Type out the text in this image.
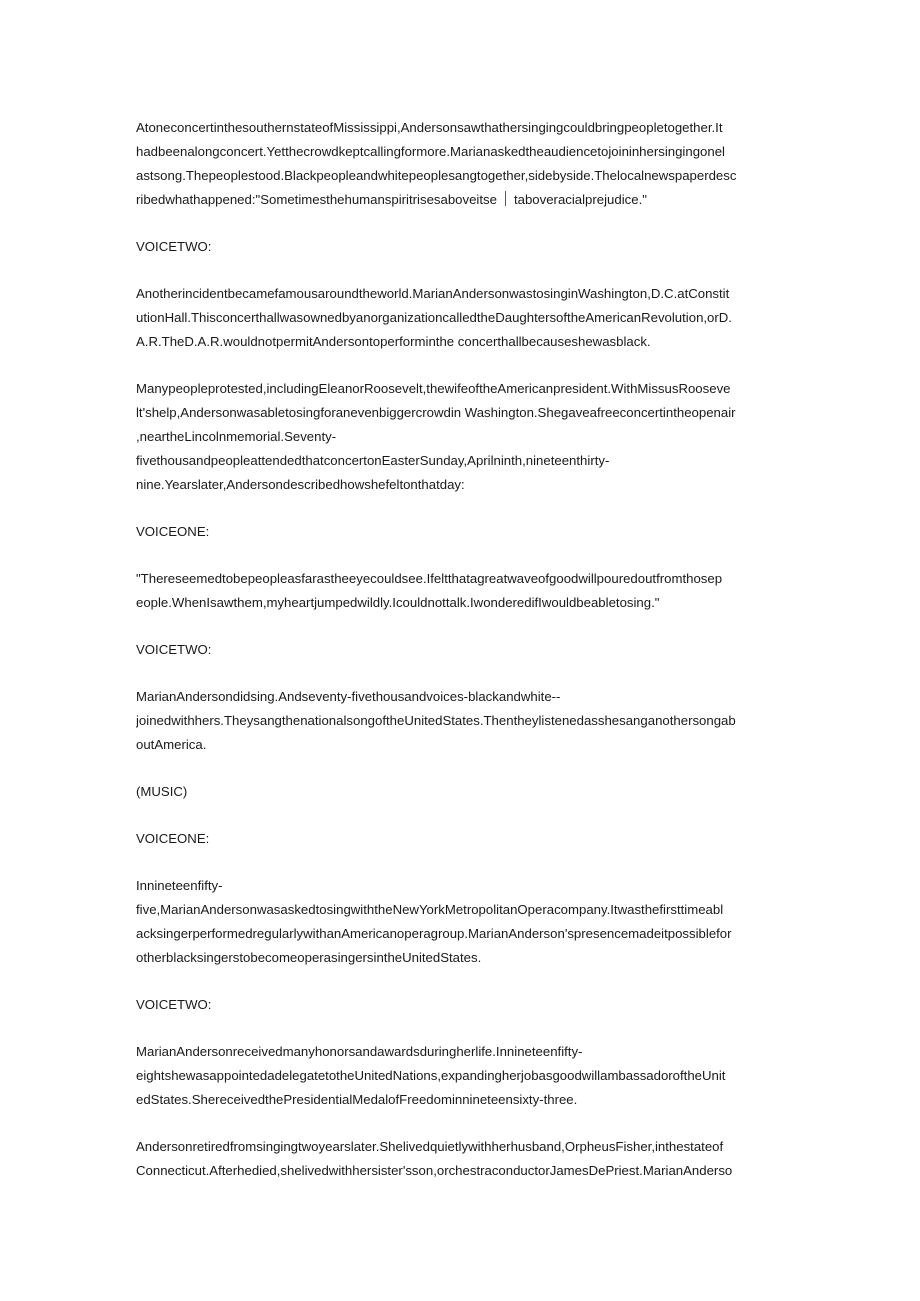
AtoneconcertinthesouthernstateofMississippi,Andersonsawthathersingingcouldbringpeopletogether.It
hadbeenalongconcert.Yetthecrowdkeptcallingformore.Marianaskedtheaudiencetojoininhersingingonel
astsong.Thepeoplestood.Blackpeopleandwhitepeoplesangtogether,sidebyside.Thelocalnewspaperdesc
ribedwhathappened:"Sometimesthehumanspiritrisesaboveitse taboveracialprejudice."

VOICETWO:

Anotherincidentbecamefamousaroundtheworld.MarianAndersonwastosinginWashington,D.C.atConstit
utionHall.ThisconcerthallwasownedbyanorganizationcalledtheDaughtersoftheAmericanRevolution,orD.
A.R.TheD.A.R.wouldnotpermitAndersontoperforminthe concerthallbecauseshewasblack.

Manypeopleprotested,includingEleanorRoosevelt,thewifeoftheAmericanpresident.WithMissusRooseve
lt'shelp,Andersonwasabletosingforanevenbiggercrowdin Washington.Shegaveafreeconcertintheopenair
,neartheLincolnmemorial.Seventy-
fivethousandpeopleattendedthatconcertonEasterSunday,Aprilninth,nineteenthirty-
nine.Yearslater,Andersondescribedhowshefeltonthatday:

VOICEONE:

"Thereseemedtobepeopleasfarastheeyecouldsee.Ifeltthatagreatwaveofgoodwillpouredoutfromthosep
eople.WhenIsawthem,myheartjumpedwildly.Icouldnottalk.IwonderedifIwouldbeabletosing."

VOICETWO:

MarianAndersondidsing.Andseventy-fivethousandvoices-blackandwhite--
joinedwithhers.TheysangthenationalsongoftheUnitedStates.Thentheylistenedasshesanganothersongab
outAmerica.

(MUSIC)

VOICEONE:

Innineteenfifty-
five,MarianAndersonwasaskedtosingwiththeNewYorkMetropolitanOperacompany.Itwasthefirsttimeabl
acksingerperformedregularlywithanAmericanoperagroup.MarianAnderson'spresencemadeitpossiblefor
otherblacksingerstobecomeoperasingersintheUnitedStates.

VOICETWO:

MarianAndersonreceivedmanyhonorsandawardsduringherlife.Innineteenfifty-
eightshewasappointedadelegatetotheUnitedNations,expandingherjobasgoodwillambassadoroftheUnit
edStates.ShereceivedthePresidentialMedalofFreedominnineteensixty-three.

Andersonretiredfromsingingtwoyearslater.Shelivedquietlywithherhusband,OrpheusFisher,inthestateof
Connecticut.Afterhedied,shelivedwithhersister'sson,orchestraconductorJamesDePriest.MarianAnderso
